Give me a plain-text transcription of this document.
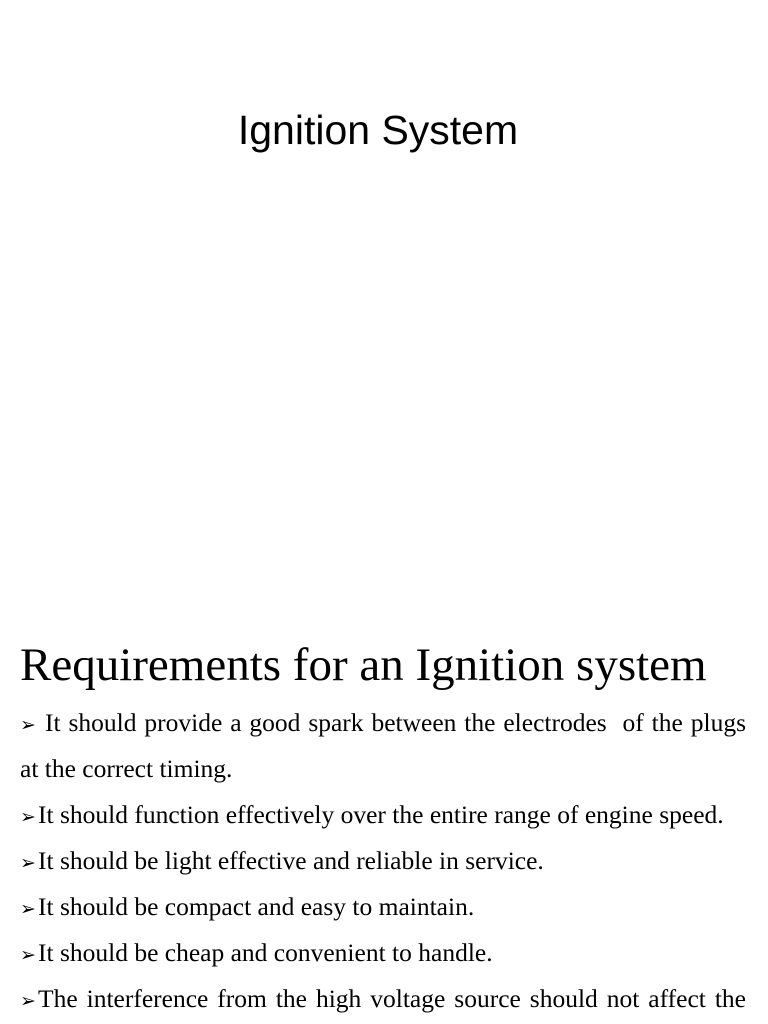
Ignition System
Requirements for an Ignition system
➢ It should provide a good spark between the electrodes  of the plugs
at the correct timing.
➢It should function effectively over the entire range of engine speed.
➢It should be light effective and reliable in service.
➢It should be compact and easy to maintain.
➢It should be cheap and convenient to handle.
➢The interference from the high voltage source should not affect the
